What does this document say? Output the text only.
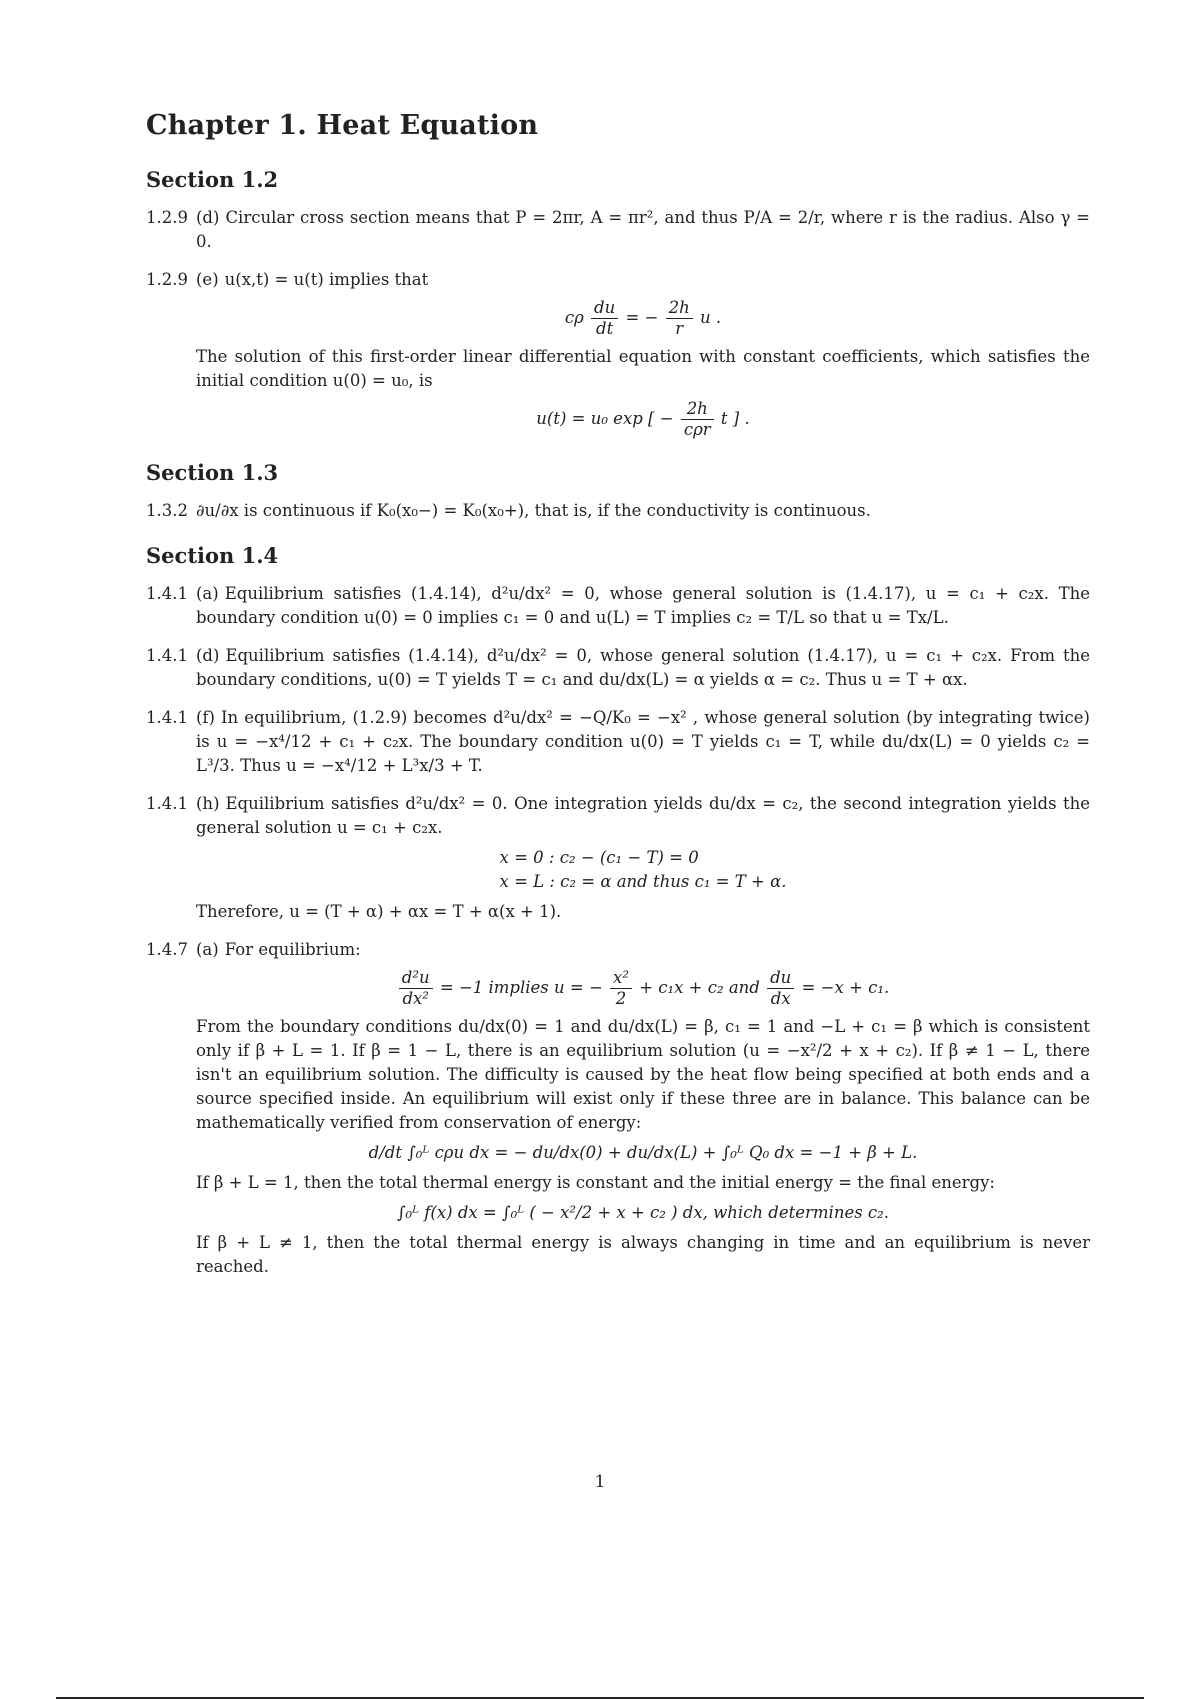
Chapter 1. Heat Equation
Section 1.2
1.2.9 (d) Circular cross section means that P = 2πr, A = πr², and thus P/A = 2/r, where r is the radius. Also γ = 0.
1.2.9 (e) u(x,t) = u(t) implies that
cρ $\frac{du}{dt}$ = − $\frac{2h}{r}$ u .
The solution of this first-order linear differential equation with constant coefficients, which satisfies the initial condition u(0) = u₀, is
u(t) = u₀ exp [ − $\frac{2h}{\text{cρr}}$ t ] .
Section 1.3
1.3.2 ∂u/∂x is continuous if K₀(x₀−) = K₀(x₀+), that is, if the conductivity is continuous.
Section 1.4
1.4.1 (a) Equilibrium satisfies (1.4.14), d²u/dx² = 0, whose general solution is (1.4.17), u = c₁ + c₂x. The boundary condition u(0) = 0 implies c₁ = 0 and u(L) = T implies c₂ = T/L so that u = Tx/L.
1.4.1 (d) Equilibrium satisfies (1.4.14), d²u/dx² = 0, whose general solution (1.4.17), u = c₁ + c₂x. From the boundary conditions, u(0) = T yields T = c₁ and du/dx(L) = α yields α = c₂. Thus u = T + αx.
1.4.1 (f) In equilibrium, (1.2.9) becomes d²u/dx² = −Q/K₀ = −x² , whose general solution (by integrating twice) is u = −x⁴/12 + c₁ + c₂x. The boundary condition u(0) = T yields c₁ = T, while du/dx(L) = 0 yields c₂ = L³/3. Thus u = −x⁴/12 + L³x/3 + T.
1.4.1 (h) Equilibrium satisfies d²u/dx² = 0. One integration yields du/dx = c₂, the second integration yields the general solution u = c₁ + c₂x.
x = 0 : c₂ − (c₁ − T) = 0
x = L : c₂ = α and thus c₁ = T + α.
Therefore, u = (T + α) + αx = T + α(x + 1).
1.4.7 (a) For equilibrium:
$\frac{\text{d²u}}{\text{dx²}} = -1$ implies u = − $\frac{\text{x²}}{2} + c_1x + c_2$ and $\frac{du}{dx} = -x + c_1$.
From the boundary conditions du/dx(0) = 1 and du/dx(L) = β, c₁ = 1 and −L + c₁ = β which is consistent only if β + L = 1. If β = 1 − L, there is an equilibrium solution (u = −x²/2 + x + c₂). If β ≠ 1 − L, there isn't an equilibrium solution. The difficulty is caused by the heat flow being specified at both ends and a source specified inside. An equilibrium will exist only if these three are in balance. This balance can be mathematically verified from conservation of energy:
d/dt ∫₀ᴸ cρu dx = − du/dx(0) + du/dx(L) + ∫₀ᴸ Q₀ dx = −1 + β + L.
If β + L = 1, then the total thermal energy is constant and the initial energy = the final energy:
∫₀ᴸ f(x) dx = ∫₀ᴸ ( − x²/2 + x + c₂ ) dx, which determines c₂.
If β + L ≠ 1, then the total thermal energy is always changing in time and an equilibrium is never reached.
1
